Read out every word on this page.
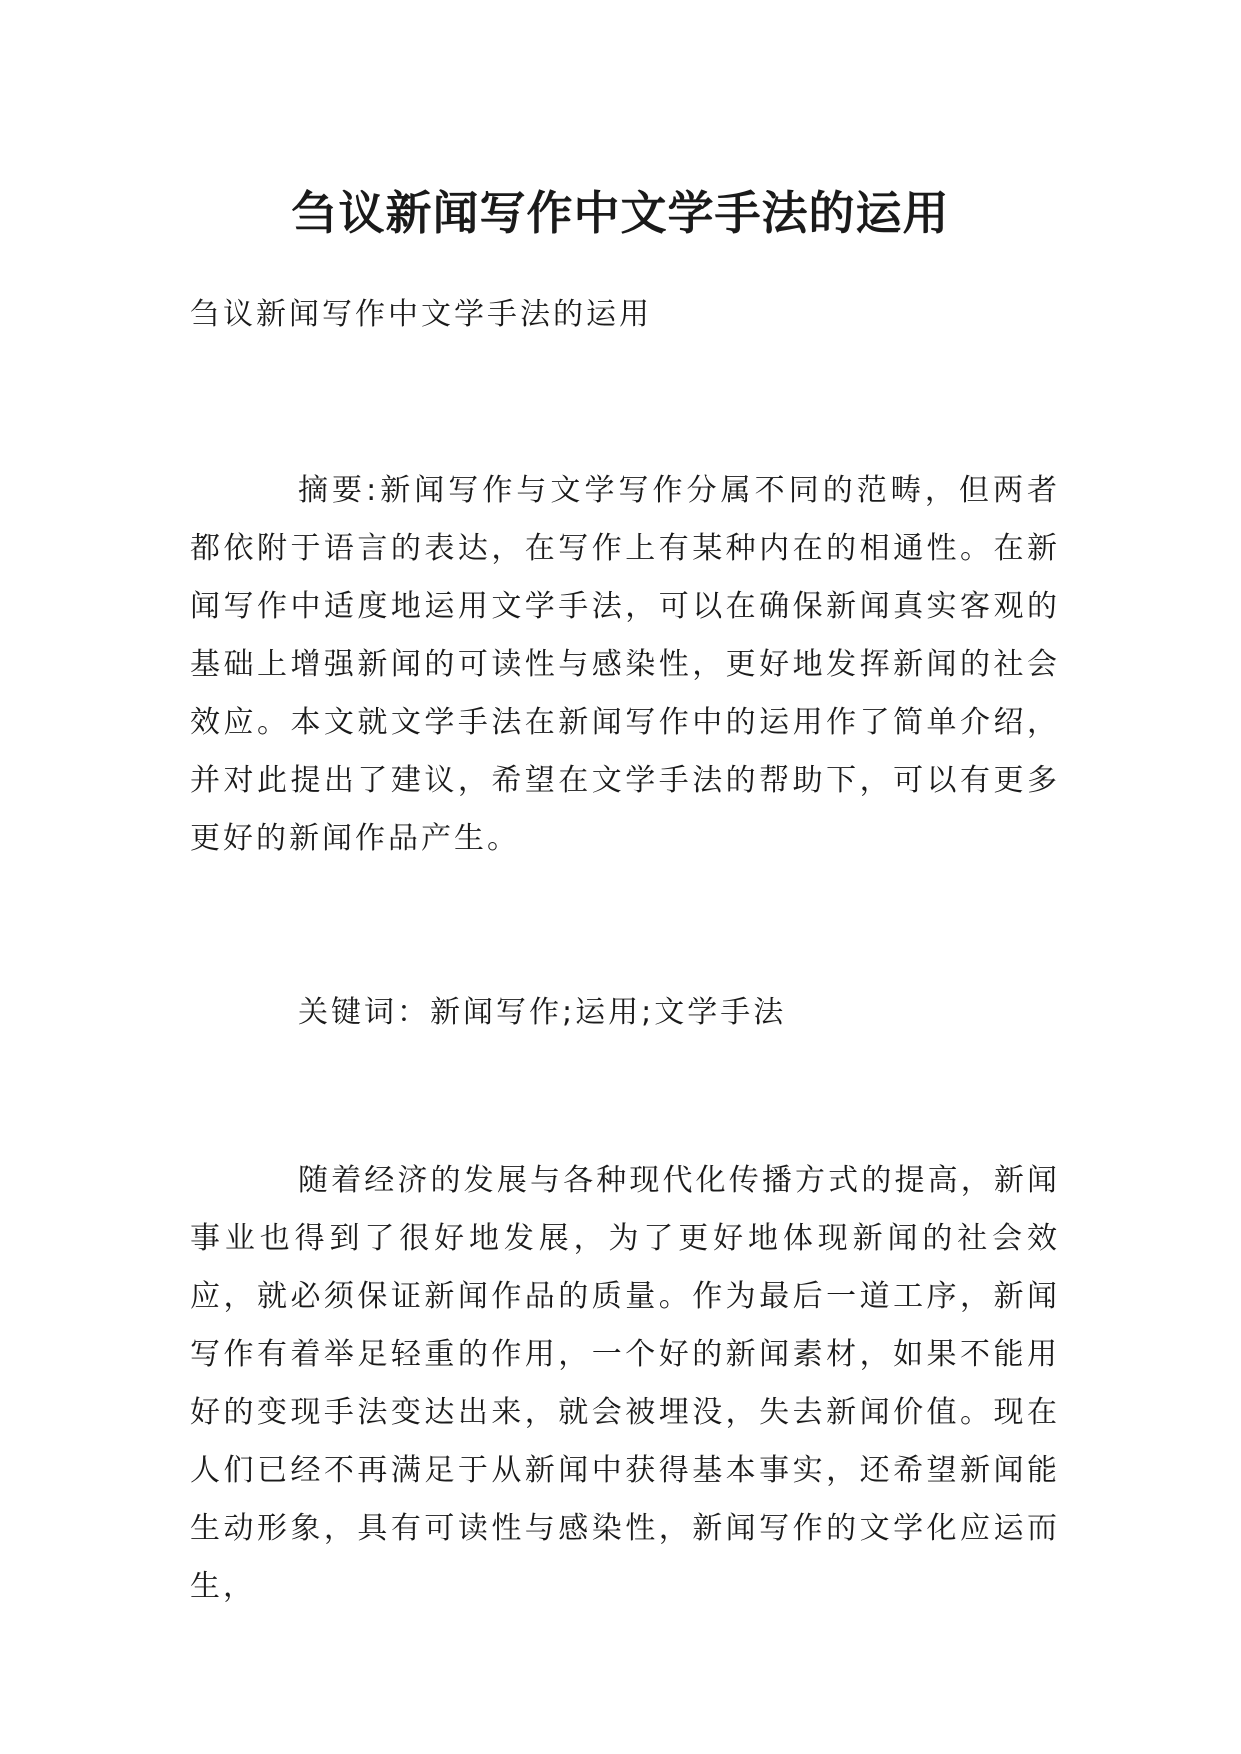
刍议新闻写作中文学手法的运用

刍议新闻写作中文学手法的运用

摘要:新闻写作与文学写作分属不同的范畴，但两者都依附于语言的表达，在写作上有某种内在的相通性。在新闻写作中适度地运用文学手法，可以在确保新闻真实客观的基础上增强新闻的可读性与感染性，更好地发挥新闻的社会效应。本文就文学手法在新闻写作中的运用作了简单介绍，并对此提出了建议，希望在文学手法的帮助下，可以有更多更好的新闻作品产生。

关键词：新闻写作;运用;文学手法

随着经济的发展与各种现代化传播方式的提高，新闻事业也得到了很好地发展，为了更好地体现新闻的社会效应，就必须保证新闻作品的质量。作为最后一道工序，新闻写作有着举足轻重的作用，一个好的新闻素材，如果不能用好的变现手法变达出来，就会被埋没，失去新闻价值。现在人们已经不再满足于从新闻中获得基本事实，还希望新闻能生动形象，具有可读性与感染性，新闻写作的文学化应运而生，
